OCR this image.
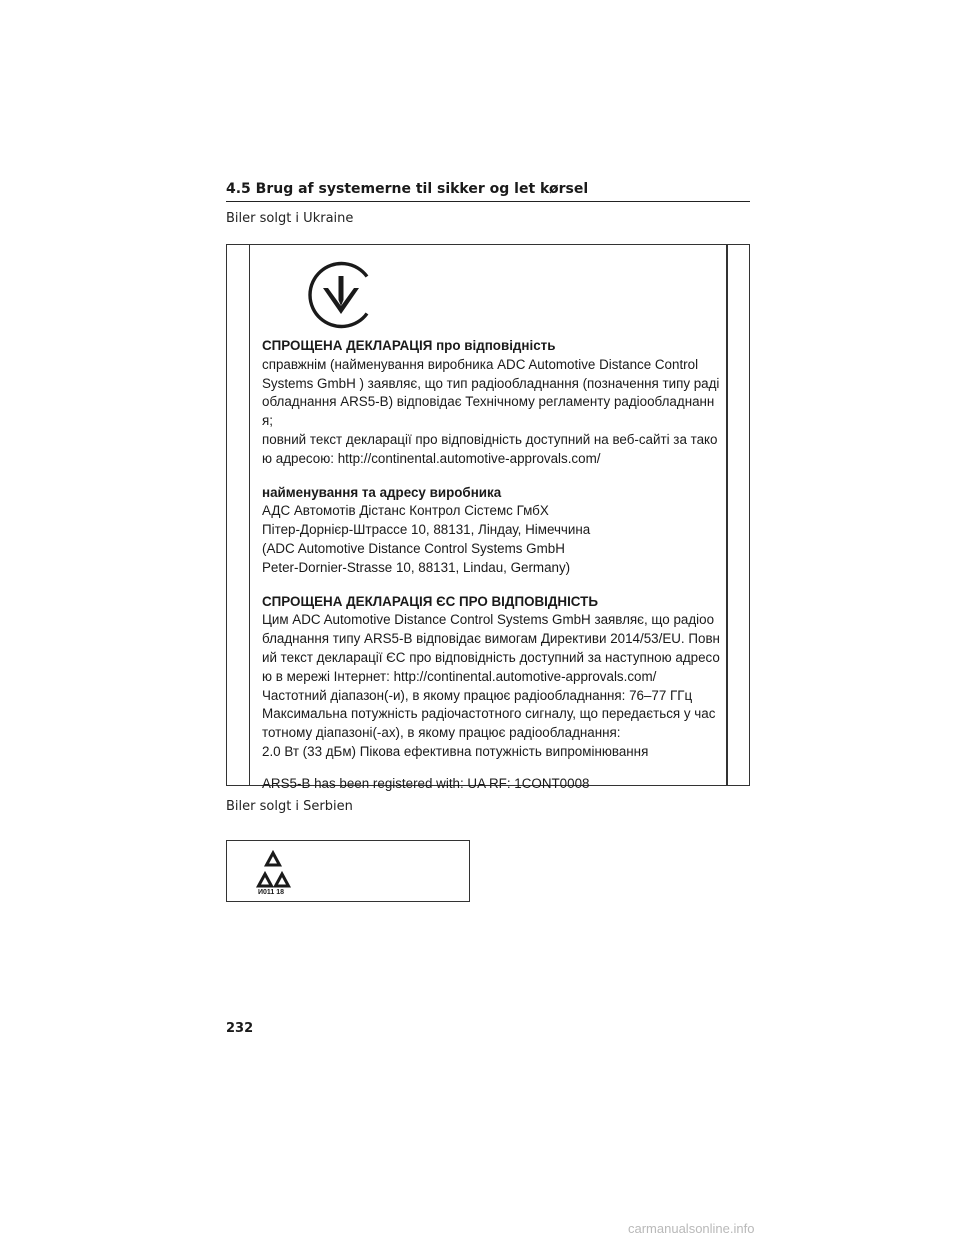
4.5 Brug af systemerne til sikker og let kørsel
Biler solgt i Ukraine
СПРОЩЕНА ДЕКЛАРАЦІЯ про відповідність
справжнім (найменування виробника ADC Automotive Distance Control
Systems GmbH ) заявляє, що тип радіообладнання (позначення типу раді
обладнання ARS5-B) відповідає Технічному регламенту радіообладнанн
я;
повний текст декларації про відповідність доступний на веб-сайті за тако
ю адресою: http://continental.automotive-approvals.com/
найменування та адресу виробника
АДС Автомотів Дістанс Контрол Сістемс ГмбХ
Пітер-Дорнієр-Штрассе 10, 88131, Ліндау, Німеччина
(ADC Automotive Distance Control Systems GmbH
Peter-Dornier-Strasse 10, 88131, Lindau, Germany)
СПРОЩЕНА ДЕКЛАРАЦІЯ ЄС ПРО ВІДПОВІДНІСТЬ
Цим ADC Automotive Distance Control Systems GmbH заявляє, що радіоо
бладнання типу ARS5-B відповідає вимогам Директиви 2014/53/EU. Повн
ий текст декларації ЄС про відповідність доступний за наступною адресо
ю в мережі Інтернет: http://continental.automotive-approvals.com/
Частотний діапазон(-и), в якому працює радіообладнання: 76–77 ГГц
Максимальна потужність радіочастотного сигналу, що передається у час
тотному діапазоні(-ах), в якому працює радіообладнання:
2.0 Вт (33 дБм) Пікова ефективна потужність випромінювання
ARS5-B has been registered with: UA RF: 1CONT0008
Biler solgt i Serbien
И011 18
232
carmanualsonline.info
